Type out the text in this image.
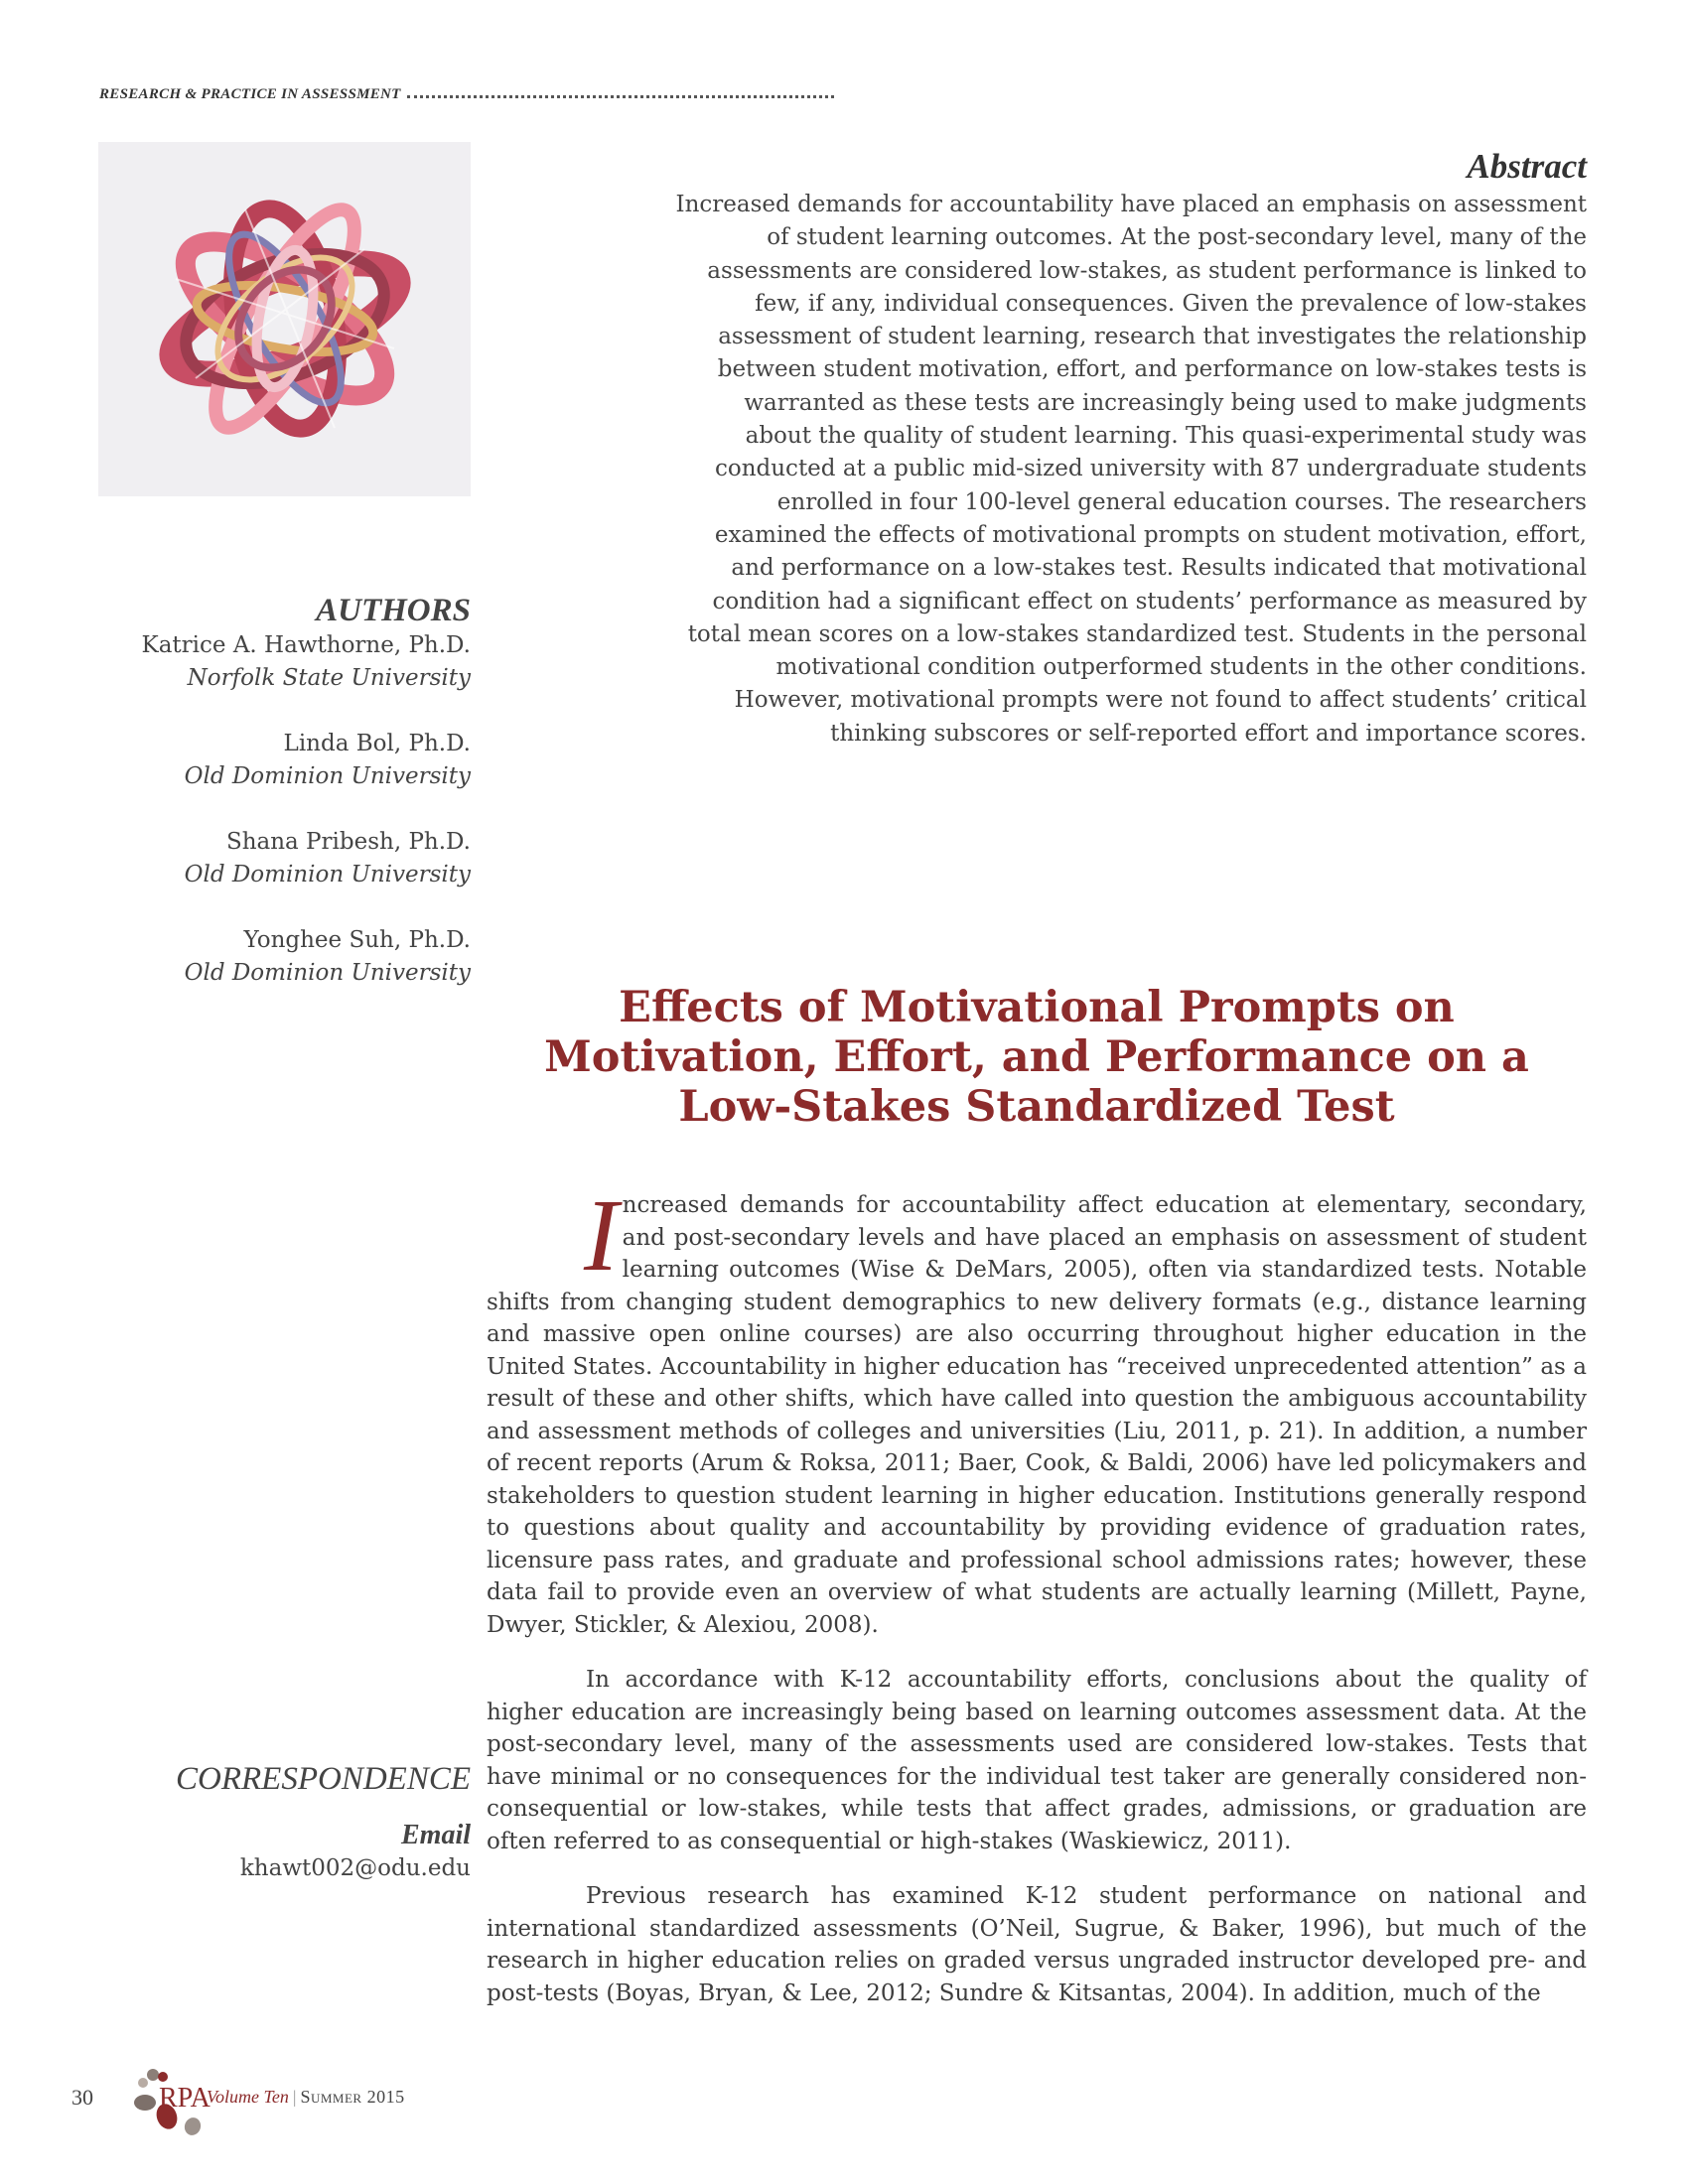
RESEARCH & PRACTICE IN ASSESSMENT
Abstract

Increased demands for accountability have placed an emphasis on assessment of student learning outcomes. At the post-secondary level, many of the assessments are considered low-stakes, as student performance is linked to few, if any, individual consequences. Given the prevalence of low-stakes assessment of student learning, research that investigates the relationship between student motivation, effort, and performance on low-stakes tests is warranted as these tests are increasingly being used to make judgments about the quality of student learning. This quasi-experimental study was conducted at a public mid-sized university with 87 undergraduate students enrolled in four 100-level general education courses. The researchers examined the effects of motivational prompts on student motivation, effort, and performance on a low-stakes test. Results indicated that motivational condition had a significant effect on students’ performance as measured by total mean scores on a low-stakes standardized test. Students in the personal motivational condition outperformed students in the other conditions. However, motivational prompts were not found to affect students’ critical thinking subscores or self-reported effort and importance scores.

AUTHORS
Katrice A. Hawthorne, Ph.D.
Norfolk State University
Linda Bol, Ph.D.
Old Dominion University
Shana Pribesh, Ph.D.
Old Dominion University
Yonghee Suh, Ph.D.
Old Dominion University
Effects of Motivational Prompts on Motivation, Effort, and Performance on a Low-Stakes Standardized Test

Increased demands for accountability affect education at elementary, secondary, and post-secondary levels and have placed an emphasis on assessment of student learning outcomes (Wise & DeMars, 2005), often via standardized tests. Notable shifts from changing student demographics to new delivery formats (e.g., distance learning and massive open online courses) are also occurring throughout higher education in the United States. Accountability in higher education has “received unprecedented attention” as a result of these and other shifts, which have called into question the ambiguous accountability and assessment methods of colleges and universities (Liu, 2011, p. 21). In addition, a number of recent reports (Arum & Roksa, 2011; Baer, Cook, & Baldi, 2006) have led policymakers and stakeholders to question student learning in higher education. Institutions generally respond to questions about quality and accountability by providing evidence of graduation rates, licensure pass rates, and graduate and professional school admissions rates; however, these data fail to provide even an overview of what students are actually learning (Millett, Payne, Dwyer, Stickler, & Alexiou, 2008).

In accordance with K-12 accountability efforts, conclusions about the quality of higher education are increasingly being based on learning outcomes assessment data. At the post-secondary level, many of the assessments used are considered low-stakes. Tests that have minimal or no consequences for the individual test taker are generally considered non-consequential or low-stakes, while tests that affect grades, admissions, or graduation are often referred to as consequential or high-stakes (Waskiewicz, 2011).

Previous research has examined K-12 student performance on national and international standardized assessments (O’Neil, Sugrue, & Baker, 1996), but much of the research in higher education relies on graded versus ungraded instructor developed pre- and post-tests (Boyas, Bryan, & Lee, 2012; Sundre & Kitsantas, 2004). In addition, much of the

CORRESPONDENCE
Email
khawt002@odu.edu
30 RPA
Volume Ten | Summer 2015
